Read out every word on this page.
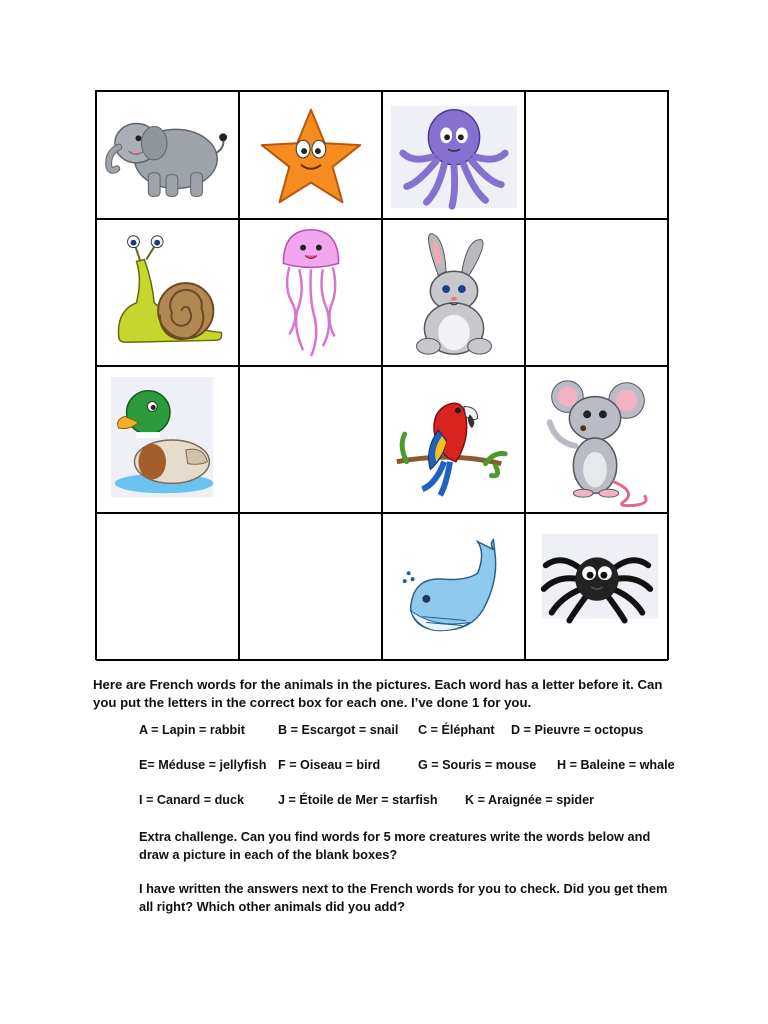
Here are French words for the animals in the pictures. Each word has a letter before it. Can you put the letters in the correct box for each one. I’ve done 1 for you.
A = Lapin = rabbit	B = Escargot = snail C = Éléphant D = Pieuvre = octopus
E= Méduse = jellyfish F = Oiseau = bird	G = Souris = mouse H = Baleine = whale
I = Canard = duck	J = Étoile de Mer = starfish K = Araignée = spider
Extra challenge. Can you find words for 5 more creatures write the words below and draw a picture in each of the blank boxes?
I have written the answers next to the French words for you to check. Did you get them all right? Which other animals did you add?
